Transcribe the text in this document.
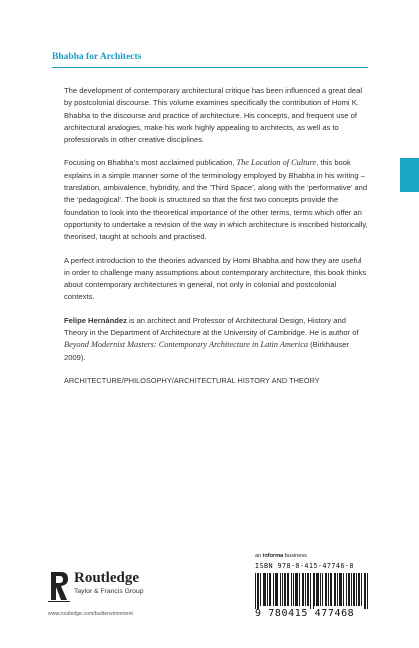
Bhabha for Architects

The development of contemporary architectural critique has been influenced a great deal by postcolonial discourse. This volume examines specifically the contribution of Homi K. Bhabha to the discourse and practice of architecture. His concepts, and frequent use of architectural analogies, make his work highly appealing to architects, as well as to professionals in other creative disciplines.

Focusing on Bhabha’s most acclaimed publication, The Location of Culture, this book explains in a simple manner some of the terminology employed by Bhabha in his writing – translation, ambivalence, hybridity, and the ‘Third Space’, along with the ‘performative’ and the ‘pedagogical’. The book is structured so that the first two concepts provide the foundation to look into the theoretical importance of the other terms, terms which offer an opportunity to undertake a revision of the way in which architecture is inscribed historically, theorised, taught at schools and practised.

A perfect introduction to the theories advanced by Homi Bhabha and how they are useful in order to challenge many assumptions about contemporary architecture, this book thinks about contemporary architectures in general, not only in colonial and postcolonial contexts.

Felipe Hernández is an architect and Professor of Architectural Design, History and Theory in the Department of Architecture at the University of Cambridge. He is author of Beyond Modernist Masters: Contemporary Architecture in Latin America (Birkhäuser 2009).

ARCHITECTURE/PHILOSOPHY/ARCHITECTURAL HISTORY AND THEORY

Routledge
Taylor & Francis Group
www.routledge.com/builtenvironment
an informa business
ISBN 978-0-415-47746-8
9 780415 477468
